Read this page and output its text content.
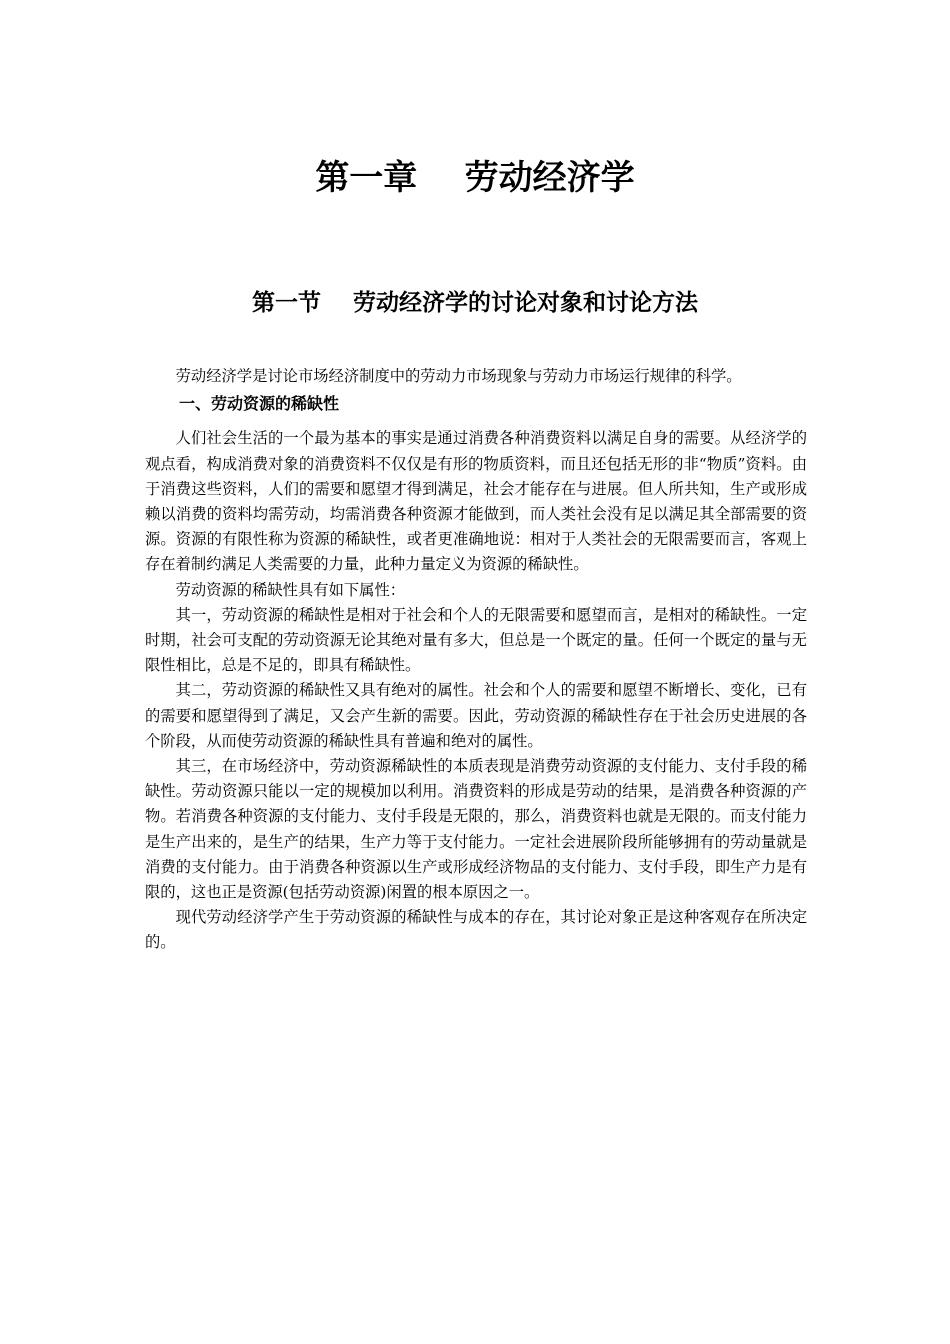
第一章    劳动经济学
第一节    劳动经济学的讨论对象和讨论方法

劳动经济学是讨论市场经济制度中的劳动力市场现象与劳动力市场运行规律的科学。

一、劳动资源的稀缺性

人们社会生活的一个最为基本的事实是通过消费各种消费资料以满足自身的需要。从经济学的观点看，构成消费对象的消费资料不仅仅是有形的物质资料，而且还包括无形的非“物质”资料。由于消费这些资料，人们的需要和愿望才得到满足，社会才能存在与进展。但人所共知，生产或形成赖以消费的资料均需劳动，均需消费各种资源才能做到，而人类社会没有足以满足其全部需要的资源。资源的有限性称为资源的稀缺性，或者更准确地说：相对于人类社会的无限需要而言，客观上存在着制约满足人类需要的力量，此种力量定义为资源的稀缺性。

劳动资源的稀缺性具有如下属性：

其一，劳动资源的稀缺性是相对于社会和个人的无限需要和愿望而言，是相对的稀缺性。一定时期，社会可支配的劳动资源无论其绝对量有多大，但总是一个既定的量。任何一个既定的量与无限性相比，总是不足的，即具有稀缺性。

其二，劳动资源的稀缺性又具有绝对的属性。社会和个人的需要和愿望不断增长、变化，已有的需要和愿望得到了满足，又会产生新的需要。因此，劳动资源的稀缺性存在于社会历史进展的各个阶段，从而使劳动资源的稀缺性具有普遍和绝对的属性。

其三，在市场经济中，劳动资源稀缺性的本质表现是消费劳动资源的支付能力、支付手段的稀缺性。劳动资源只能以一定的规模加以利用。消费资料的形成是劳动的结果，是消费各种资源的产物。若消费各种资源的支付能力、支付手段是无限的，那么，消费资料也就是无限的。而支付能力是生产出来的，是生产的结果，生产力等于支付能力。一定社会进展阶段所能够拥有的劳动量就是消费的支付能力。由于消费各种资源以生产或形成经济物品的支付能力、支付手段，即生产力是有限的，这也正是资源(包括劳动资源)闲置的根本原因之一。

现代劳动经济学产生于劳动资源的稀缺性与成本的存在，其讨论对象正是这种客观存在所决定的。
